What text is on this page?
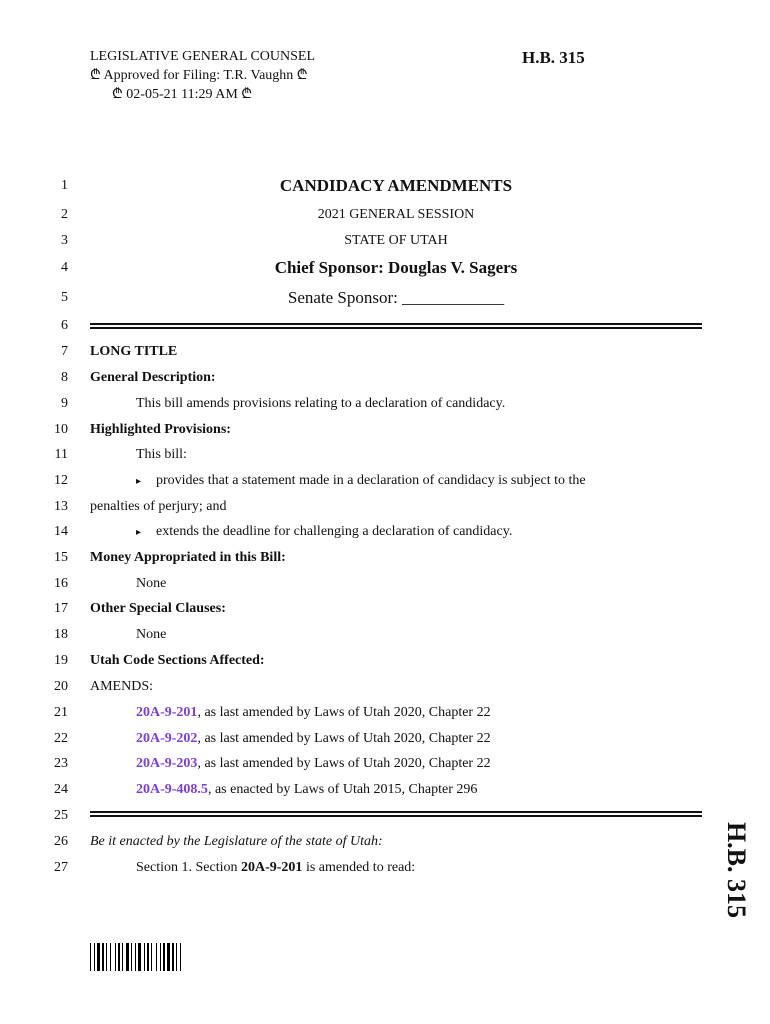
LEGISLATIVE GENERAL COUNSEL
₾ Approved for Filing: T.R. Vaughn ₾
₾ 02-05-21 11:29 AM ₾
H.B. 315
1
2
3
4
5
6
7
8
9
10
11
12
13
14
15
16
17
18
19
20
21
22
23
24
25
26
27
CANDIDACY AMENDMENTS
2021 GENERAL SESSION
STATE OF UTAH
Chief Sponsor: Douglas V. Sagers
Senate Sponsor: ____________
LONG TITLE
General Description:
This bill amends provisions relating to a declaration of candidacy.
Highlighted Provisions:
This bill:
▸ provides that a statement made in a declaration of candidacy is subject to the
penalties of perjury; and
▸ extends the deadline for challenging a declaration of candidacy.
Money Appropriated in this Bill:
None
Other Special Clauses:
None
Utah Code Sections Affected:
AMENDS:
20A-9-201, as last amended by Laws of Utah 2020, Chapter 22
20A-9-202, as last amended by Laws of Utah 2020, Chapter 22
20A-9-203, as last amended by Laws of Utah 2020, Chapter 22
20A-9-408.5, as enacted by Laws of Utah 2015, Chapter 296
Be it enacted by the Legislature of the state of Utah:
Section 1. Section 20A-9-201 is amended to read:	H.B. 315
